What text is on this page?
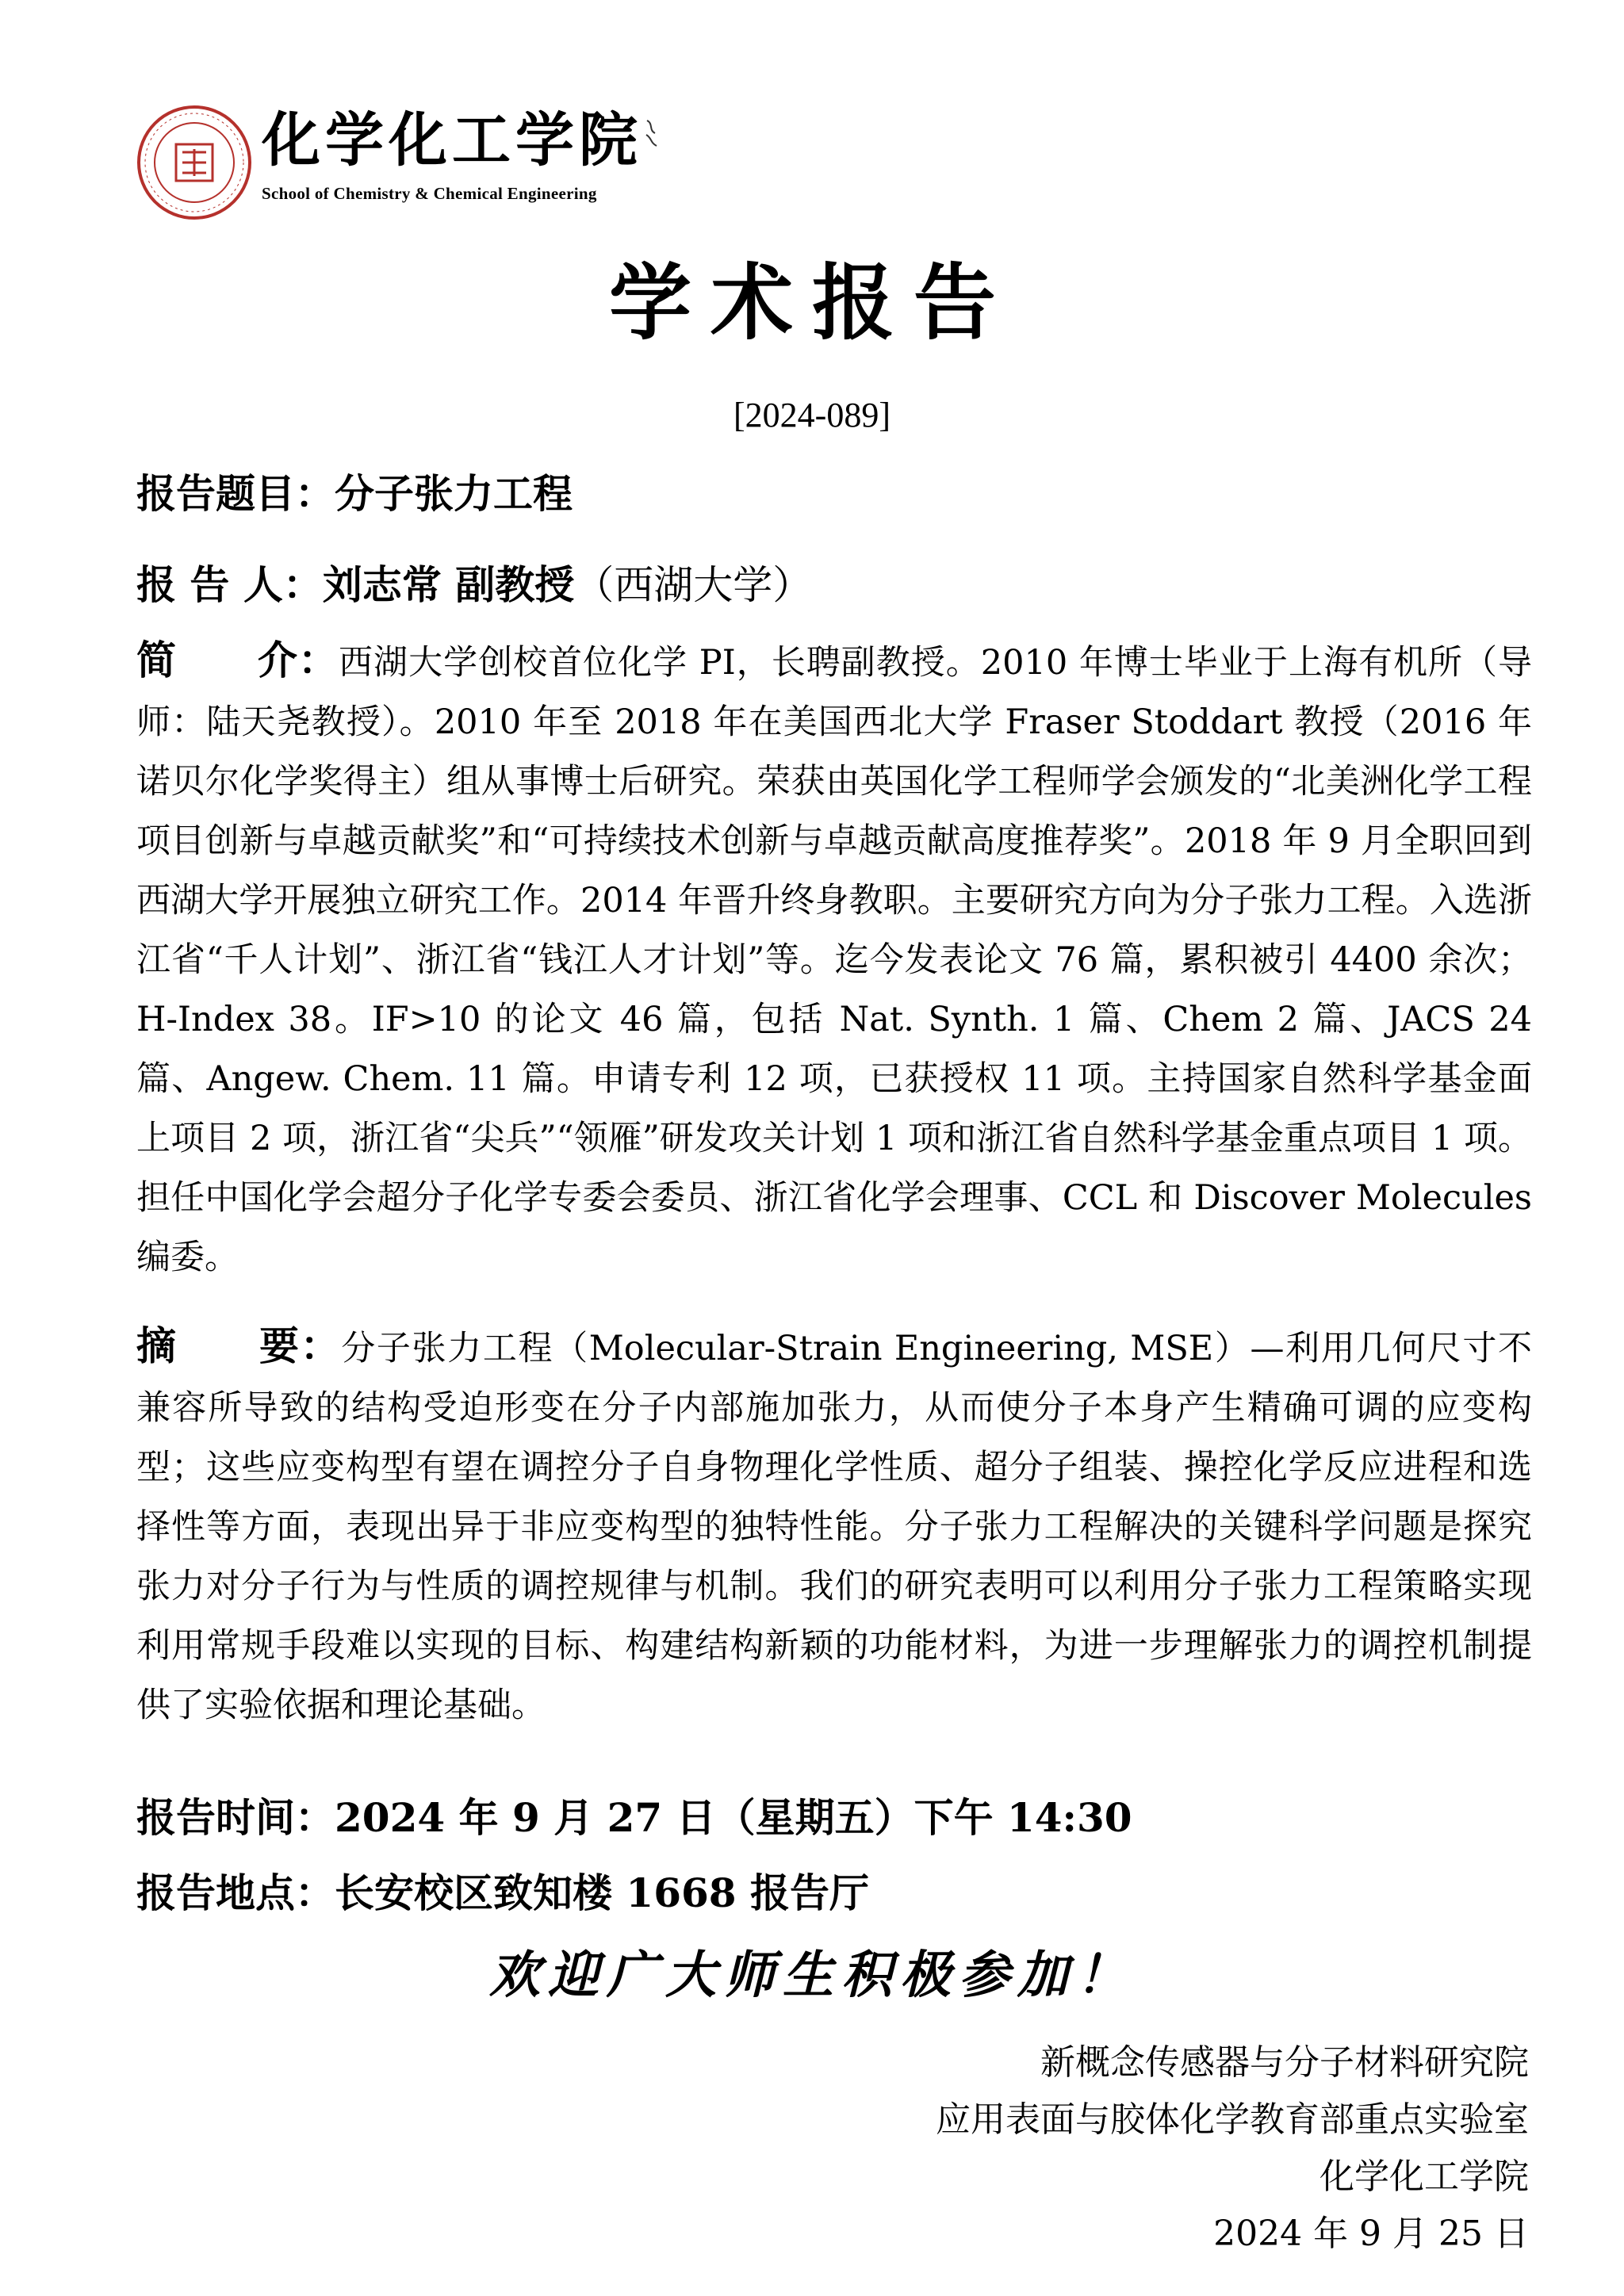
化学化工学院
School of Chemistry & Chemical Engineering
学术报告
[2024-089]
报告题目：分子张力工程
报 告 人：刘志常 副教授（西湖大学）
简　　介：西湖大学创校首位化学 PI，长聘副教授。2010 年博士毕业于上海有机所（导师：陆天尧教授）。2010 年至 2018 年在美国西北大学 Fraser Stoddart 教授（2016 年诺贝尔化学奖得主）组从事博士后研究。荣获由英国化学工程师学会颁发的“北美洲化学工程项目创新与卓越贡献奖”和“可持续技术创新与卓越贡献高度推荐奖”。2018 年 9 月全职回到西湖大学开展独立研究工作。2014 年晋升终身教职。主要研究方向为分子张力工程。入选浙江省“千人计划”、浙江省“钱江人才计划”等。迄今发表论文 76 篇，累积被引 4400 余次；H-Index 38。IF>10 的论文 46 篇，包括 Nat. Synth. 1 篇、Chem 2 篇、JACS 24 篇、Angew. Chem. 11 篇。申请专利 12 项，已获授权 11 项。主持国家自然科学基金面上项目 2 项，浙江省“尖兵”“领雁”研发攻关计划 1 项和浙江省自然科学基金重点项目 1 项。担任中国化学会超分子化学专委会委员、浙江省化学会理事、CCL 和 Discover Molecules 编委。
摘　　要：分子张力工程（Molecular-Strain Engineering, MSE）—利用几何尺寸不兼容所导致的结构受迫形变在分子内部施加张力，从而使分子本身产生精确可调的应变构型；这些应变构型有望在调控分子自身物理化学性质、超分子组装、操控化学反应进程和选择性等方面，表现出异于非应变构型的独特性能。分子张力工程解决的关键科学问题是探究张力对分子行为与性质的调控规律与机制。我们的研究表明可以利用分子张力工程策略实现利用常规手段难以实现的目标、构建结构新颖的功能材料，为进一步理解张力的调控机制提供了实验依据和理论基础。
报告时间：2024 年 9 月 27 日（星期五）下午 14:30
报告地点：长安校区致知楼 1668 报告厅
欢迎广大师生积极参加！
新概念传感器与分子材料研究院
应用表面与胶体化学教育部重点实验室
化学化工学院
2024 年 9 月 25 日
